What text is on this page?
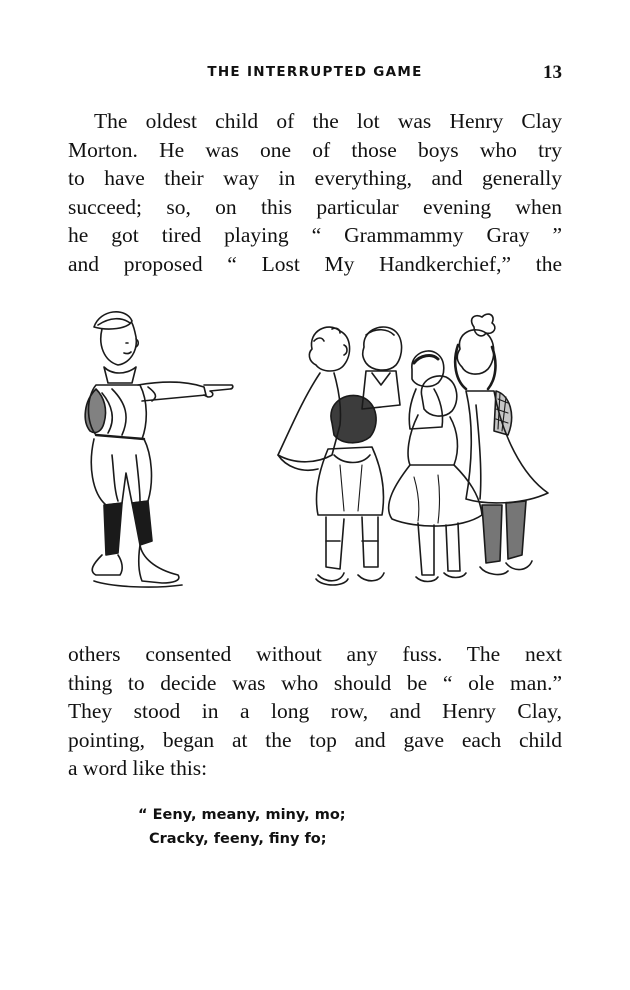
THE INTERRUPTED GAME	13
The oldest child of the lot was Henry Clay
Morton. He was one of those boys who try
to have their way in everything, and generally
succeed; so, on this particular evening when
he got tired playing “ Grammammy Gray ”
and proposed “ Lost My Handkerchief,” the
others consented without any fuss. The next
thing to decide was who should be “ ole man.”
They stood in a long row, and Henry Clay,
pointing, began at the top and gave each child
a word like this:
“ Eeny, meany, miny, mo;
Cracky, feeny, finy fo;
